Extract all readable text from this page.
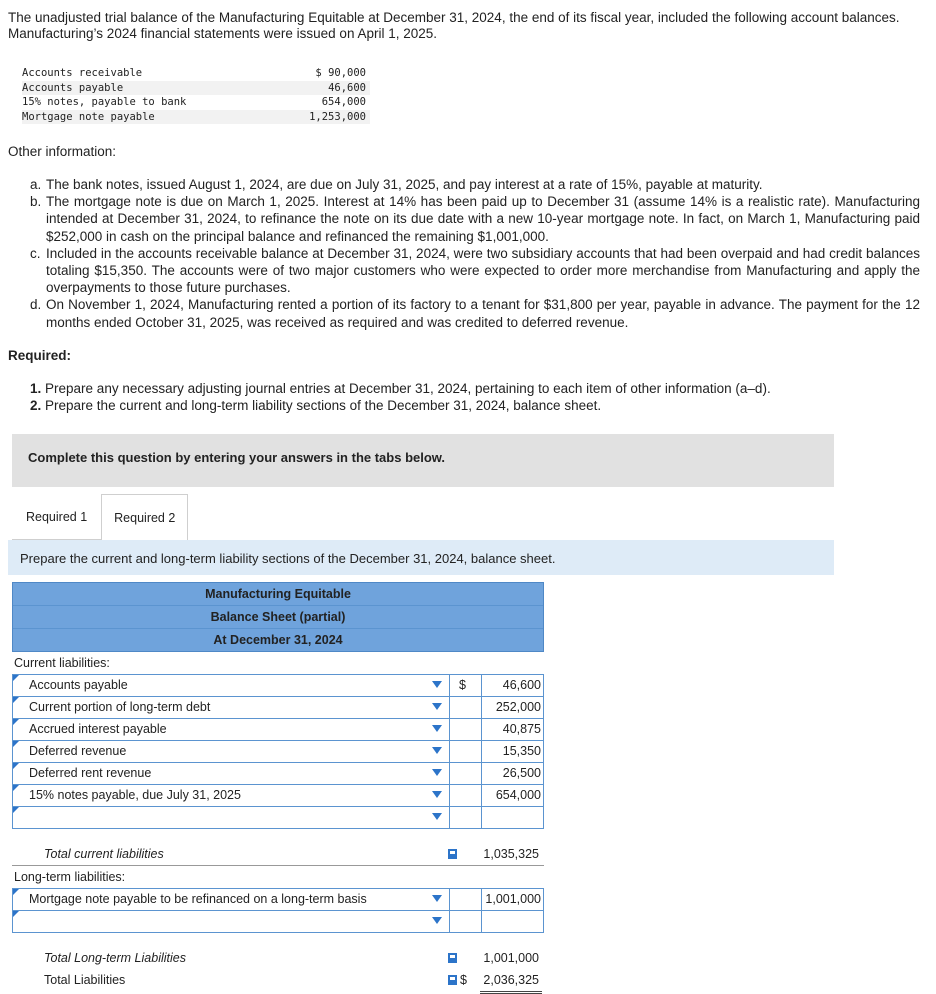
The unadjusted trial balance of the Manufacturing Equitable at December 31, 2024, the end of its fiscal year, included the following account balances. Manufacturing’s 2024 financial statements were issued on April 1, 2025.
Accounts receivable	$ 90,000
Accounts payable	46,600
15% notes, payable to bank	654,000
Mortgage note payable	1,253,000
Other information:
a. The bank notes, issued August 1, 2024, are due on July 31, 2025, and pay interest at a rate of 15%, payable at maturity.
b. The mortgage note is due on March 1, 2025. Interest at 14% has been paid up to December 31 (assume 14% is a realistic rate). Manufacturing intended at December 31, 2024, to refinance the note on its due date with a new 10-year mortgage note. In fact, on March 1, Manufacturing paid $252,000 in cash on the principal balance and refinanced the remaining $1,001,000.
c. Included in the accounts receivable balance at December 31, 2024, were two subsidiary accounts that had been overpaid and had credit balances totaling $15,350. The accounts were of two major customers who were expected to order more merchandise from Manufacturing and apply the overpayments to those future purchases.
d. On November 1, 2024, Manufacturing rented a portion of its factory to a tenant for $31,800 per year, payable in advance. The payment for the 12 months ended October 31, 2025, was received as required and was credited to deferred revenue.
Required:
1. Prepare any necessary adjusting journal entries at December 31, 2024, pertaining to each item of other information (a–d).
2. Prepare the current and long-term liability sections of the December 31, 2024, balance sheet.
Complete this question by entering your answers in the tabs below.
Required 1	Required 2
Prepare the current and long-term liability sections of the December 31, 2024, balance sheet.
Manufacturing Equitable
Balance Sheet (partial)
At December 31, 2024
Current liabilities:
Accounts payable	$	46,600
Current portion of long-term debt	252,000
Accrued interest payable	40,875
Deferred revenue	15,350
Deferred rent revenue	26,500
15% notes payable, due July 31, 2025	654,000
Total current liabilities	1,035,325
Long-term liabilities:
Mortgage note payable to be refinanced on a long-term basis	1,001,000
Total Long-term Liabilities	1,001,000
Total Liabilities	$ 2,036,325
